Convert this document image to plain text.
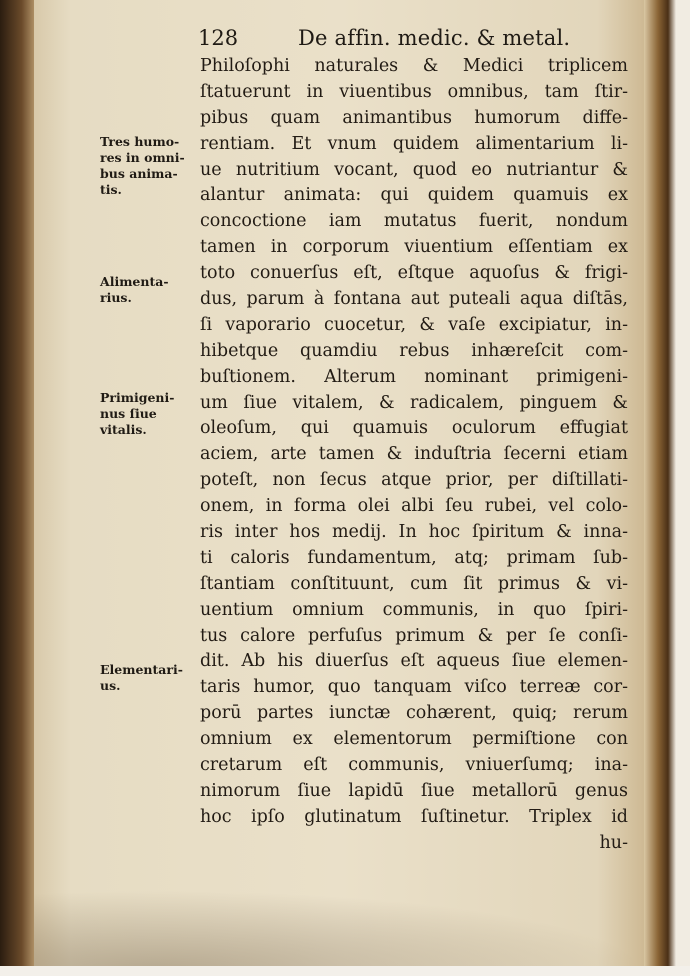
128	De affin. medic. & metal.
Tres humo-
res in omni-
bus anima-
tis.
Alimenta-
rius.
Primigeni-
nus ſiue
vitalis.
Elementari-
us.
Philoſophi naturales & Medici triplicem
ſtatuerunt in viuentibus omnibus, tam ſtir-
pibus quam animantibus humorum diffe-
rentiam. Et vnum quidem alimentarium li-
ue nutritium vocant, quod eo nutriantur &
alantur animata: qui quidem quamuis ex
concoctione iam mutatus fuerit, nondum
tamen in corporum viuentium eſſentiam ex
toto conuerſus eſt, eſtque aquoſus & frigi-
dus, parum à fontana aut puteali aqua diſtās,
ſi vaporario cuocetur, & vaſe excipiatur, in-
hibetque quamdiu rebus inhæreſcit com-
buſtionem. Alterum nominant primigeni-
um ſiue vitalem, & radicalem, pinguem &
oleoſum, qui quamuis oculorum effugiat
aciem, arte tamen & induſtria ſecerni etiam
poteſt, non ſecus atque prior, per diſtillati-
onem, in forma olei albi ſeu rubei, vel colo-
ris inter hos medij. In hoc ſpiritum & inna-
ti caloris fundamentum, atq; primam ſub-
ſtantiam conſtituunt, cum ſit primus & vi-
uentium omnium communis, in quo ſpiri-
tus calore perfuſus primum & per ſe conſi-
dit. Ab his diuerſus eſt aqueus ſiue elemen-
taris humor, quo tanquam viſco terreæ cor-
porū partes iunctæ cohærent, quiq; rerum
omnium ex elementorum permiſtione con
cretarum eſt communis, vniuerſumq; ina-
nimorum ſiue lapidū ſiue metallorū genus
hoc ipſo glutinatum ſuſtinetur. Triplex id
hu-
